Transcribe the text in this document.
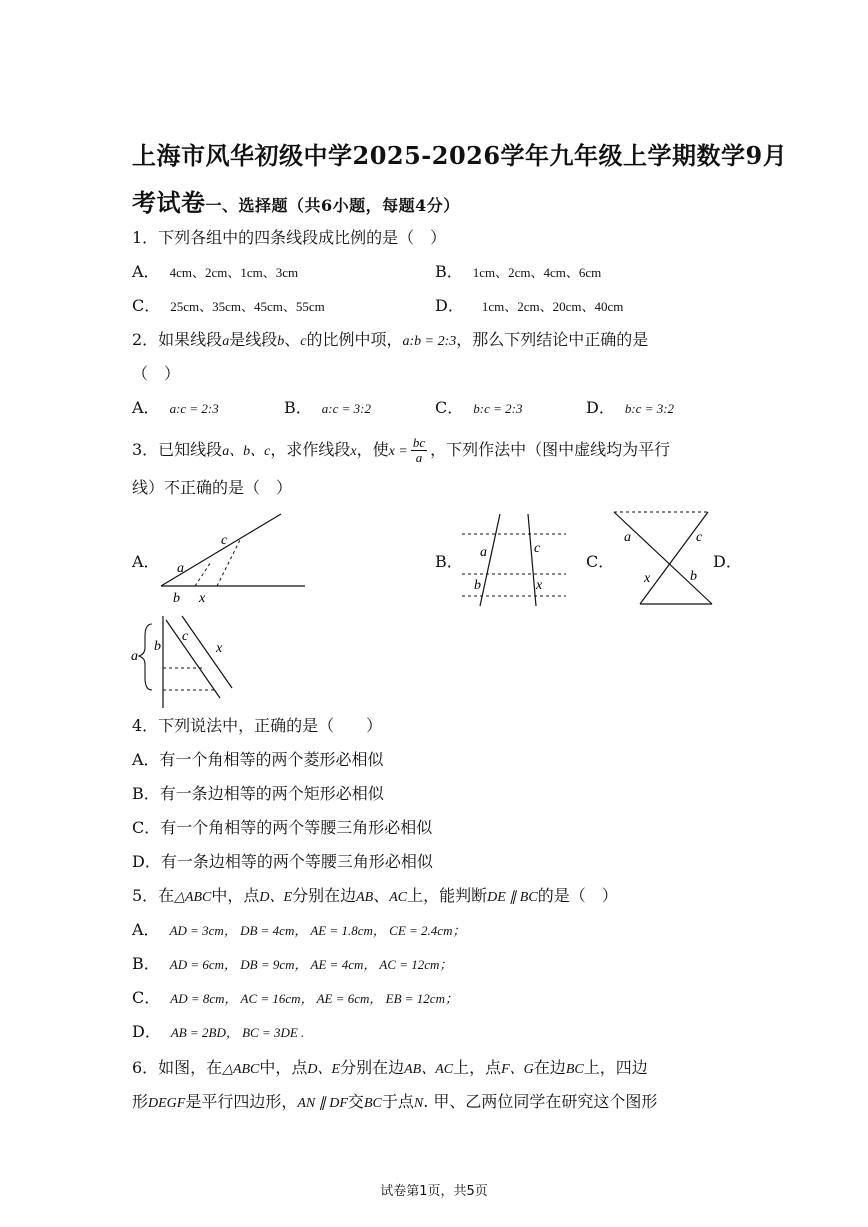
上海市风华初级中学2025-2026学年九年级上学期数学9月
考试卷一、选择题（共6小题，每题4分）
1．下列各组中的四条线段成比例的是（　）
A． 4cm、2cm、1cm、3cm	B． 1cm、2cm、4cm、6cm
C． 25cm、35cm、45cm、55cm	D． 1cm、2cm、20cm、40cm
2．如果线段a是线段b、c的比例中项，a:b = 2:3，那么下列结论中正确的是
（　）
A． a:c = 2:3	B． a:c = 3:2	C． b:c = 2:3	D． b:c = 3:2
3．已知线段a、b、c，求作线段x，使$x = \frac{bc}{a}$ ，下列作法中（图中虚线均为平行
线）不正确的是（　）
A． a
c
b x
B． a	c
b	x
C．
a	c
x	b
D．
a
b
c
x
4．下列说法中，正确的是（　　）
A．有一个角相等的两个菱形必相似
B．有一条边相等的两个矩形必相似
C．有一个角相等的两个等腰三角形必相似
D．有一条边相等的两个等腰三角形必相似
5．在△ABC中，点D、E分别在边AB、AC上，能判断DE ∥ BC的是（　）
A． AD = 3cm， DB = 4cm， AE = 1.8cm， CE = 2.4cm；
B． AD = 6cm， DB = 9cm， AE = 4cm， AC = 12cm；
C． AD = 8cm， AC = 16cm， AE = 6cm， EB = 12cm；
D． AB = 2BD， BC = 3DE .
6．如图，在△ABC中，点D、E分别在边AB、AC上，点F、G在边BC上，四边
形DEGF是平行四边形，AN ∥ DF交BC于点N. 甲、乙两位同学在研究这个图形
试卷第1页，共5页
